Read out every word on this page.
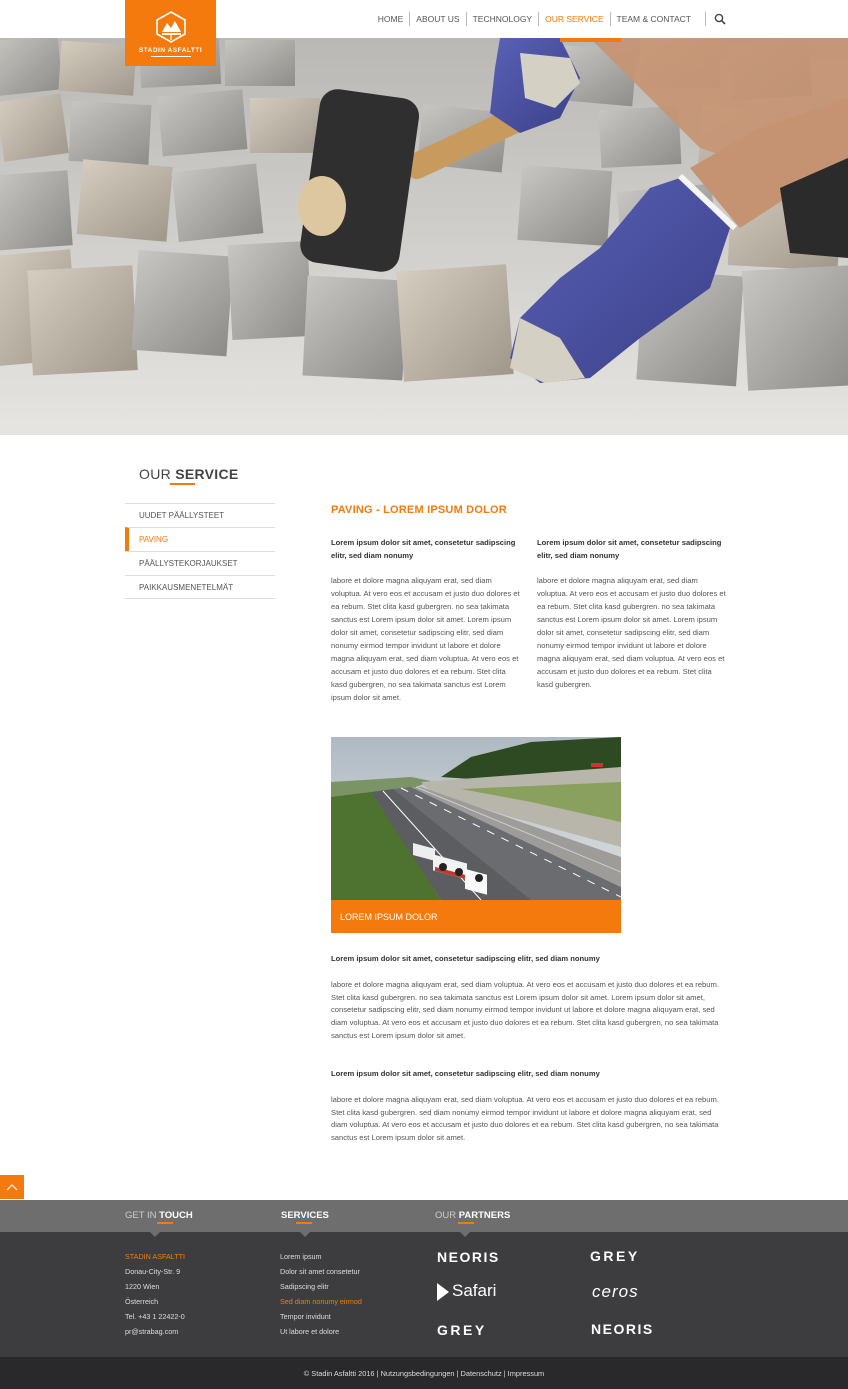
HOME	ABOUT US	TECHNOLOGY	OUR SERVICE	TEAM & CONTACT
STADIN ASFALTTI
OUR SERVICE
UUDET PÄÄLLYSTEET
PAVING
PÄÄLLYSTEKORJAUKSET
PAIKKAUSMENETELMÄT
PAVING - LOREM IPSUM DOLOR

Lorem ipsum dolor sit amet, consetetur sadipscing elitr, sed diam nonumy

labore et dolore magna aliquyam erat, sed diam voluptua. At vero eos et accusam et justo duo dolores et ea rebum. Stet clita kasd gubergren. no sea takimata sanctus est Lorem ipsum dolor sit amet. Lorem ipsum dolor sit amet, consetetur sadipscing elitr, sed diam nonumy eirmod tempor invidunt ut labore et dolore magna aliquyam erat, sed diam voluptua. At vero eos et accusam et justo duo dolores et ea rebum. Stet clita kasd gubergren, no sea takimata sanctus est Lorem ipsum dolor sit amet.

Lorem ipsum dolor sit amet, consetetur sadipscing elitr, sed diam nonumy

labore et dolore magna aliquyam erat, sed diam voluptua. At vero eos et accusam et justo duo dolores et ea rebum. Stet clita kasd gubergren. no sea takimata sanctus est Lorem ipsum dolor sit amet. Lorem ipsum dolor sit amet, consetetur sadipscing elitr, sed diam nonumy eirmod tempor invidunt ut labore et dolore magna aliquyam erat, sed diam voluptua. At vero eos et accusam et justo duo dolores et ea rebum. Stet clita kasd gubergren.

LOREM IPSUM DOLOR

Lorem ipsum dolor sit amet, consetetur sadipscing elitr, sed diam nonumy

labore et dolore magna aliquyam erat, sed diam voluptua. At vero eos et accusam et justo duo dolores et ea rebum. Stet clita kasd gubergren. no sea takimata sanctus est Lorem ipsum dolor sit amet. Lorem ipsum dolor sit amet, consetetur sadipscing elitr, sed diam nonumy eirmod tempor invidunt ut labore et dolore magna aliquyam erat, sed diam voluptua. At vero eos et accusam et justo duo dolores et ea rebum. Stet clita kasd gubergren, no sea takimata sanctus est Lorem ipsum dolor sit amet.

Lorem ipsum dolor sit amet, consetetur sadipscing elitr, sed diam nonumy

labore et dolore magna aliquyam erat, sed diam voluptua. At vero eos et accusam et justo duo dolores et ea rebum. Stet clita kasd gubergren. sed diam nonumy eirmod tempor invidunt ut labore et dolore magna aliquyam erat, sed diam voluptua. At vero eos et accusam et justo duo dolores et ea rebum. Stet clita kasd gubergren, no sea takimata sanctus est Lorem ipsum dolor sit amet.

GET IN TOUCH	SERVICES	OUR PARTNERS
STADIN ASFALTTI
Donau-City-Str. 9
1220 Wien
Österreich
Tel. +43 1 22422-0
pr@strabag.com
Lorem ipsum
Dolor sit amet consetetur
Sadipscing elitr
Sed diam nonumy eirmod
Tempor invidunt
Ut labore et dolore
NEORIS	GREY
Safari	ceros
GREY	NEORIS
© Stadin Asfaltti 2016 | Nutzungsbedingungen | Datenschutz | Impressum
